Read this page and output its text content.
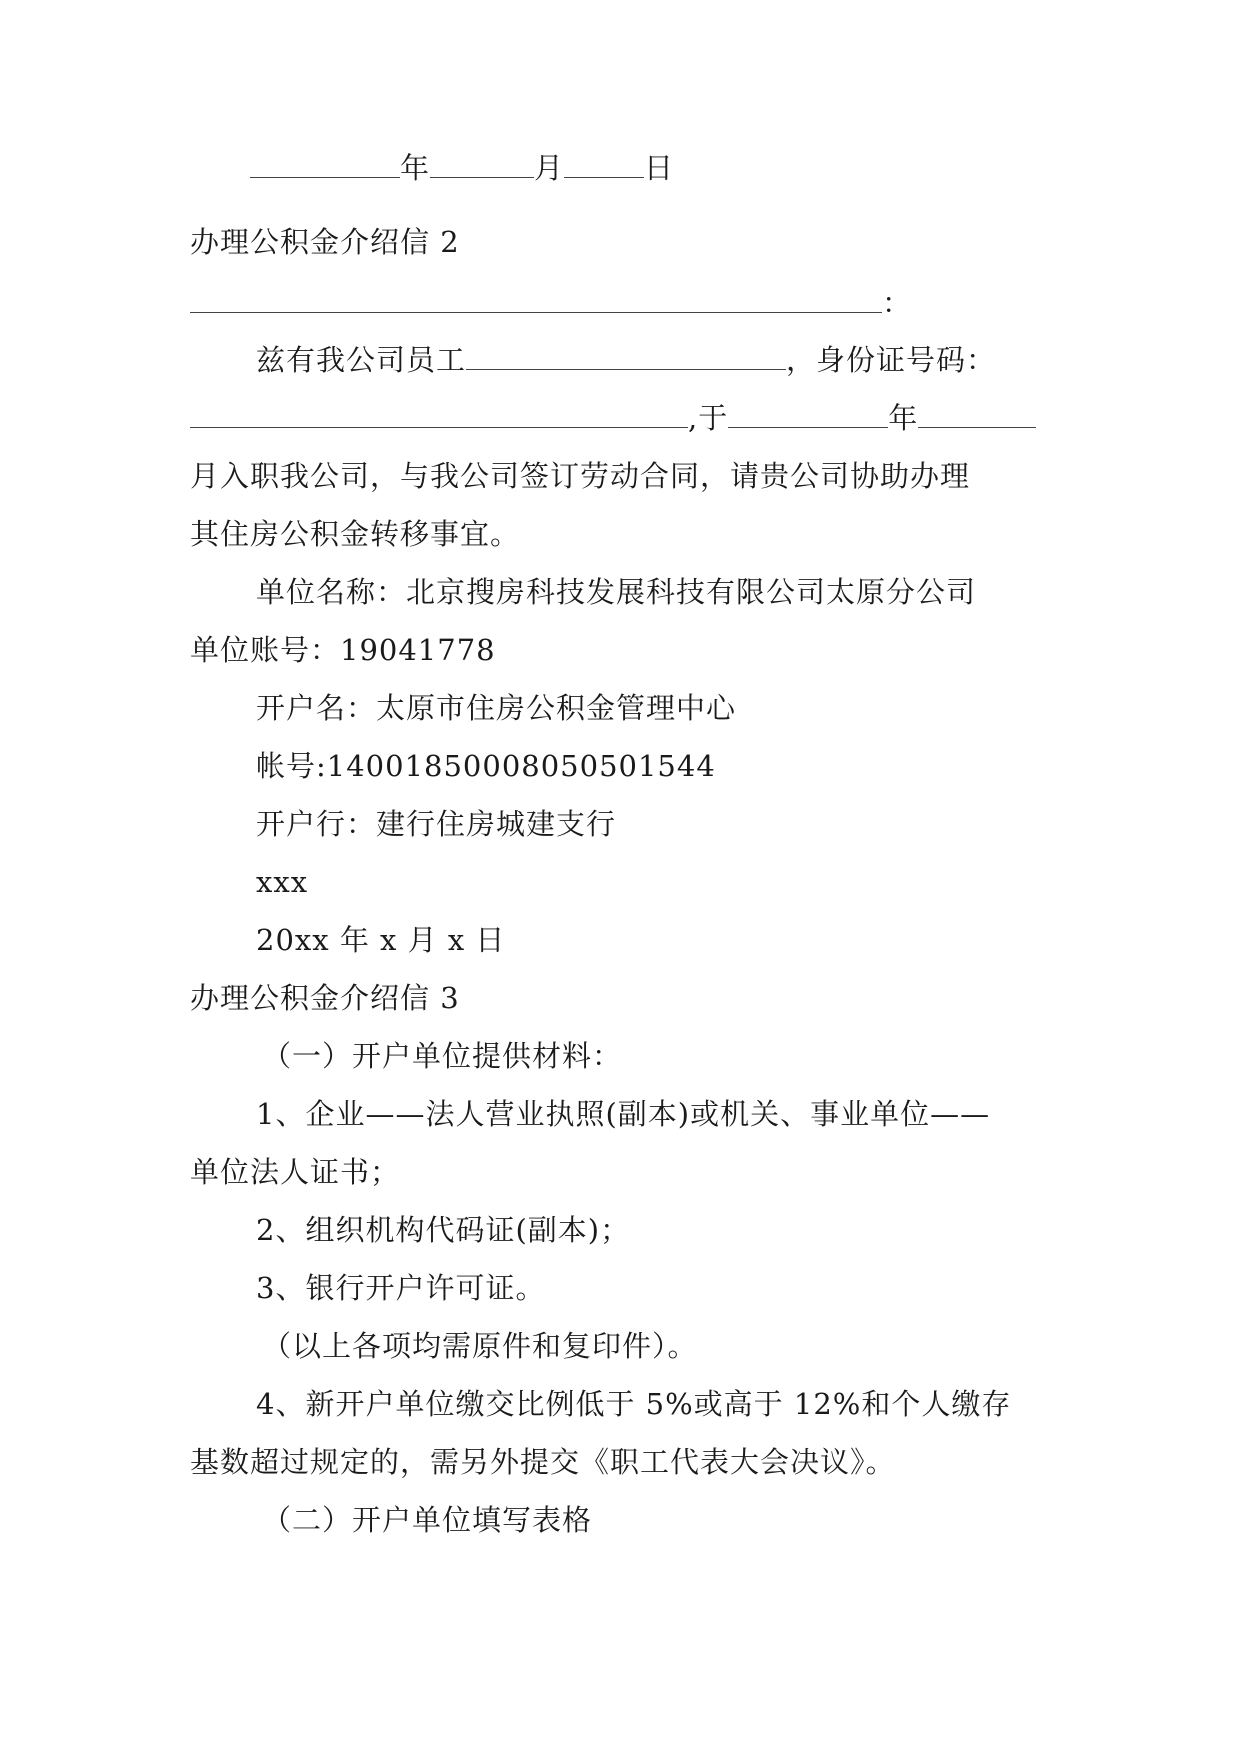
年	月	日
办理公积金介绍信 2
：
兹有我公司员工	，身份证号码：
,于	年
月入职我公司，与我公司签订劳动合同，请贵公司协助办理
其住房公积金转移事宜。
单位名称：北京搜房科技发展科技有限公司太原分公司
单位账号：19041778
开户名：太原市住房公积金管理中心
帐号:14001850008050501544
开户行：建行住房城建支行
xxx
20xx 年 x 月 x 日
办理公积金介绍信 3
（一）开户单位提供材料：
1、企业——法人营业执照(副本)或机关、事业单位——
单位法人证书；
2、组织机构代码证(副本)；
3、银行开户许可证。
（以上各项均需原件和复印件）。
4、新开户单位缴交比例低于 5%或高于 12%和个人缴存
基数超过规定的，需另外提交《职工代表大会决议》。
（二）开户单位填写表格
